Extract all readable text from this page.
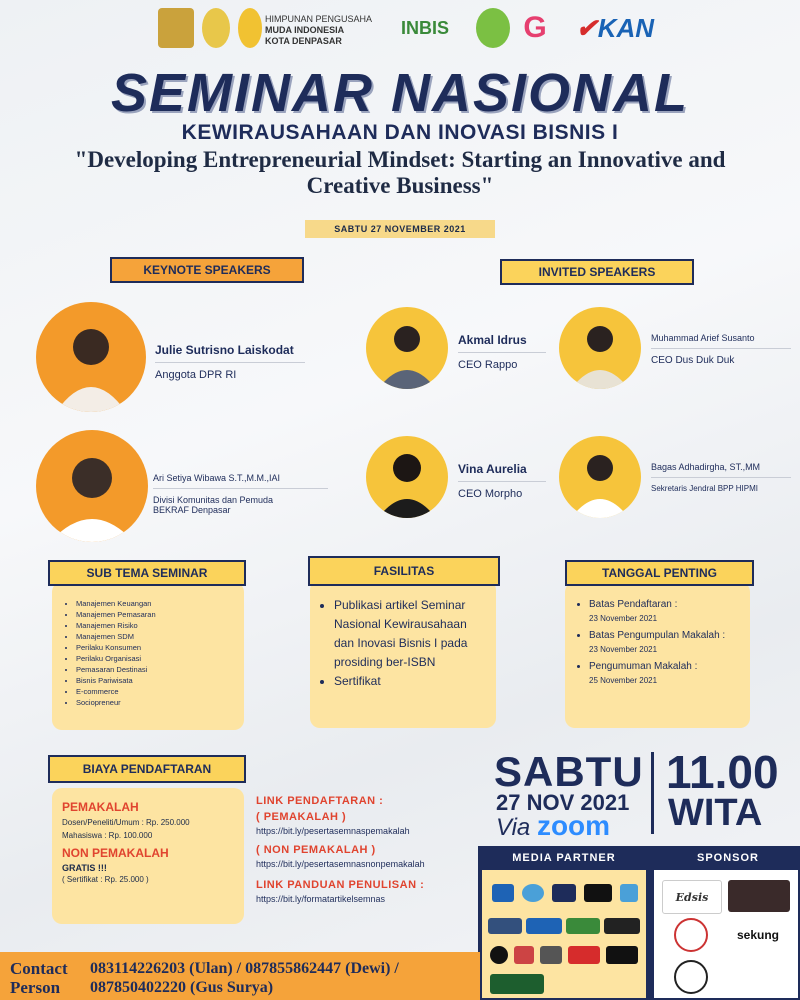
HIMPUNAN PENGUSAHA
MUDA INDONESIA
KOTA DENPASAR
INBIS G ✔ KAN
SEMINAR NASIONAL
KEWIRAUSAHAAN DAN INOVASI BISNIS I
"Developing Entrepreneurial Mindset: Starting an Innovative and Creative Business"
SABTU 27 NOVEMBER 2021
KEYNOTE SPEAKERS	INVITED SPEAKERS
Julie Sutrisno Laiskodat
Anggota DPR RI
Ari Setiya Wibawa S.T.,M.M.,IAI
Divisi Komunitas dan Pemuda BEKRAF Denpasar
Akmal Idrus
CEO Rappo
Muhammad Arief Susanto
CEO Dus Duk Duk
Vina Aurelia
CEO Morpho
Bagas Adhadirgha, ST.,MM
Sekretaris Jendral BPP HIPMI
• Manajemen Keuangan
• Manajemen Pemasaran
• Manajemen Risiko
• Manajemen SDM
• Perilaku Konsumen
• Perilaku Organisasi
• Pemasaran Destinasi
• Bisnis Pariwisata
• E-commerce
• Sociopreneur
SUB TEMA SEMINAR
• Publikasi artikel Seminar Nasional Kewirausahaan dan Inovasi Bisnis I pada prosiding ber-ISBN
• Sertifikat
FASILITAS
• Batas Pendaftaran :
23 November 2021
• Batas Pengumpulan Makalah :
23 November 2021
• Pengumuman Makalah :
25 November 2021
TANGGAL PENTING
PEMAKALAH
Dosen/Peneliti/Umum : Rp. 250.000
Mahasiswa : Rp. 100.000
NON PEMAKALAH
GRATIS !!!
( Sertifikat : Rp. 25.000 )
BIAYA PENDAFTARAN
LINK PENDAFTARAN :
( PEMAKALAH )
https://bit.ly/pesertasemnaspemakalah
( NON PEMAKALAH )
https://bit.ly/pesertasemnasnonpemakalah
LINK PANDUAN PENULISAN :
https://bit.ly/formatartikelsemnas
SABTU
27 NOV 2021
Via zoom
11.00
WITA
MEDIA PARTNER	SPONSOR
Edsis
sekung
Contact
Person
083114226203 (Ulan) / 087855862447 (Dewi) /
087850402220 (Gus Surya)
